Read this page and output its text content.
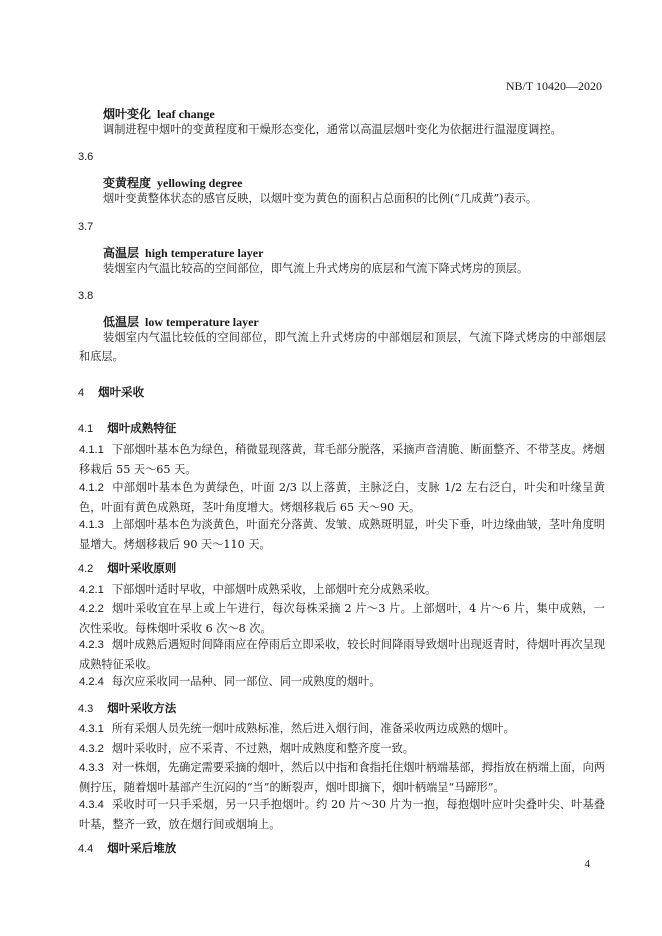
NB/T 10420—2020
烟叶变化 leaf change
调制进程中烟叶的变黄程度和干燥形态变化，通常以高温层烟叶变化为依据进行温湿度调控。
3.6
变黄程度 yellowing degree
烟叶变黄整体状态的感官反映，以烟叶变为黄色的面积占总面积的比例(“几成黄”)表示。
3.7
高温层 high temperature layer
装烟室内气温比较高的空间部位，即气流上升式烤房的底层和气流下降式烤房的顶层。
3.8
低温层 low temperature layer
装烟室内气温比较低的空间部位，即气流上升式烤房的中部烟层和顶层，气流下降式烤房的中部烟层和底层。
4 烟叶采收
4.1 烟叶成熟特征
4.1.1 下部烟叶基本色为绿色，稍微显现落黄，茸毛部分脱落，采摘声音清脆、断面整齐、不带茎皮。烤烟移栽后 55 天～65 天。
4.1.2 中部烟叶基本色为黄绿色，叶面 2/3 以上落黄，主脉泛白，支脉 1/2 左右泛白，叶尖和叶缘呈黄色，叶面有黄色成熟斑，茎叶角度增大。烤烟移栽后 65 天～90 天。
4.1.3 上部烟叶基本色为淡黄色，叶面充分落黄、发皱、成熟斑明显，叶尖下垂，叶边缘曲皱，茎叶角度明显增大。烤烟移栽后 90 天～110 天。
4.2 烟叶采收原则
4.2.1 下部烟叶适时早收，中部烟叶成熟采收，上部烟叶充分成熟采收。
4.2.2 烟叶采收宜在早上或上午进行，每次每株采摘 2 片～3 片。上部烟叶，4 片～6 片，集中成熟，一次性采收。每株烟叶采收 6 次～8 次。
4.2.3 烟叶成熟后遇短时间降雨应在停雨后立即采收，较长时间降雨导致烟叶出现返青时，待烟叶再次呈现成熟特征采收。
4.2.4 每次应采收同一品种、同一部位、同一成熟度的烟叶。
4.3 烟叶采收方法
4.3.1 所有采烟人员先统一烟叶成熟标准，然后进入烟行间，准备采收两边成熟的烟叶。
4.3.2 烟叶采收时，应不采青、不过熟，烟叶成熟度和整齐度一致。
4.3.3 对一株烟，先确定需要采摘的烟叶，然后以中指和食指托住烟叶柄端基部，拇指放在柄端上面，向两侧拧压，随着烟叶基部产生沉闷的“当”的断裂声，烟叶即摘下，烟叶柄端呈“马蹄形”。
4.3.4 采收时可一只手采烟，另一只手抱烟叶。约 20 片～30 片为一抱，每抱烟叶应叶尖叠叶尖、叶基叠叶基，整齐一致，放在烟行间或烟垧上。
4.4 烟叶采后堆放
4
